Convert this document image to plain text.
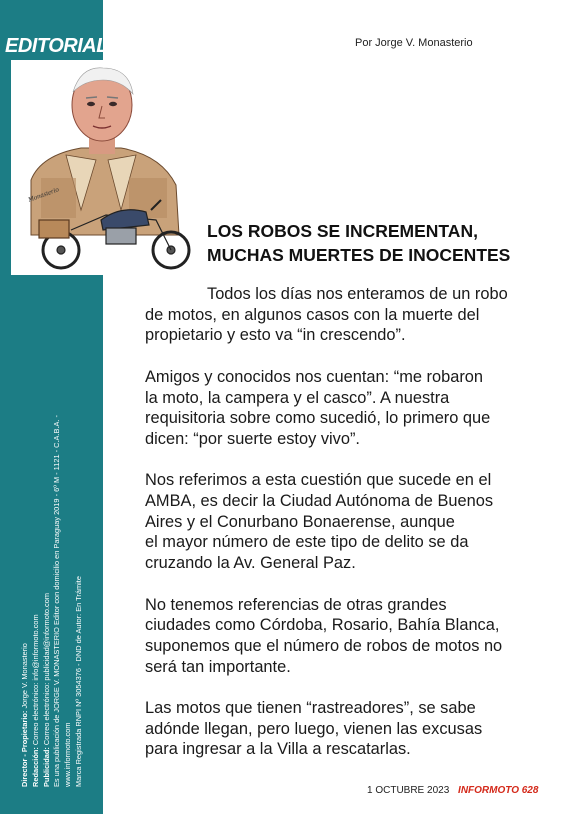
EDITORIAL
Director - Propietario: Jorge V. Monasterio
Redacción: Correo electrónico: info@informoto.com
Publicidad: Correo electrónico: publicidad@informoto.com Es una publicación de JORGE V. MONASTERIO Editor con domicilio en Paraguay 2019 - 6º M - 1121 - C.A.B.A. - www.informoto.com Marca Registrada RNPI Nº 3054376 - DND de Autor: En Trámite
Monasterio
Por Jorge V. Monasterio
LOS ROBOS SE INCREMENTAN,
MUCHAS MUERTES DE INOCENTES

Todos los días nos enteramos de un robo
de motos, en algunos casos con la muerte del
propietario y esto va “in crescendo”.

Amigos y conocidos nos cuentan: “me robaron
la moto, la campera y el casco”. A nuestra
requisitoria sobre como sucedió, lo primero que
dicen: “por suerte estoy vivo”.

Nos referimos a esta cuestión que sucede en el
AMBA, es decir la Ciudad Autónoma de Buenos
Aires y el Conurbano Bonaerense, aunque
el mayor número de este tipo de delito se da
cruzando la Av. General Paz.

No tenemos referencias de otras grandes
ciudades como Córdoba, Rosario, Bahía Blanca,
suponemos que el número de robos de motos no
será tan importante.

Las motos que tienen “rastreadores”, se sabe
adónde llegan, pero luego, vienen las excusas
para ingresar a la Villa a rescatarlas.

1 OCTUBRE 2023 INFORMOTO 628
